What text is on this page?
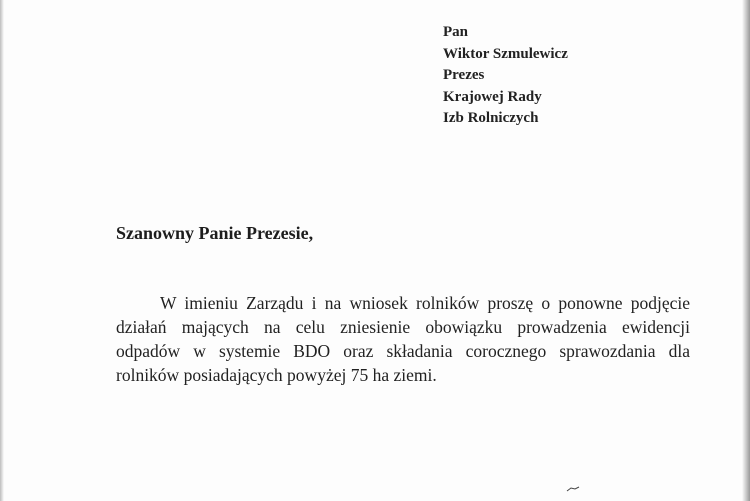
Pan
Wiktor Szmulewicz
Prezes
Krajowej Rady
Izb Rolniczych
Szanowny Panie Prezesie,
W imieniu Zarządu i na wniosek rolników proszę o ponowne podjęcie
działań mających na celu zniesienie obowiązku prowadzenia ewidencji
odpadów w systemie BDO oraz składania corocznego sprawozdania dla
rolników posiadających powyżej 75 ha ziemi.
